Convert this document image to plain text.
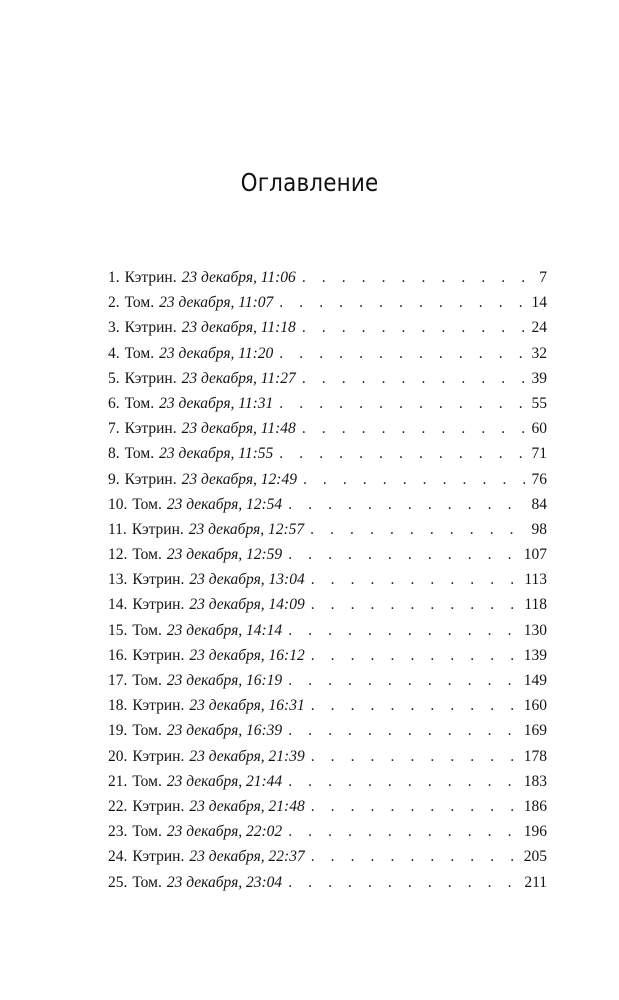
Оглавление
1. Кэтрин. 23 декабря, 11:06 . . .	7
2. Том. 23 декабря, 11:07 . . .	14
3. Кэтрин. 23 декабря, 11:18 . . .	24
4. Том. 23 декабря, 11:20 . . .	32
5. Кэтрин. 23 декабря, 11:27 . . .	39
6. Том. 23 декабря, 11:31 . . .	55
7. Кэтрин. 23 декабря, 11:48 . . .	60
8. Том. 23 декабря, 11:55 . . .	71
9. Кэтрин. 23 декабря, 12:49 . . .	76
10. Том. 23 декабря, 12:54 . . .	84
11. Кэтрин. 23 декабря, 12:57 . . .	98
12. Том. 23 декабря, 12:59 . . .	107
13. Кэтрин. 23 декабря, 13:04 . . .	113
14. Кэтрин. 23 декабря, 14:09 . . .	118
15. Том. 23 декабря, 14:14 . . .	130
16. Кэтрин. 23 декабря, 16:12 . . .	139
17. Том. 23 декабря, 16:19 . . .	149
18. Кэтрин. 23 декабря, 16:31 . . .	160
19. Том. 23 декабря, 16:39 . . .	169
20. Кэтрин. 23 декабря, 21:39 . . .	178
21. Том. 23 декабря, 21:44 . . .	183
22. Кэтрин. 23 декабря, 21:48 . . .	186
23. Том. 23 декабря, 22:02 . . .	196
24. Кэтрин. 23 декабря, 22:37 . . .	205
25. Том. 23 декабря, 23:04 . . .	211
